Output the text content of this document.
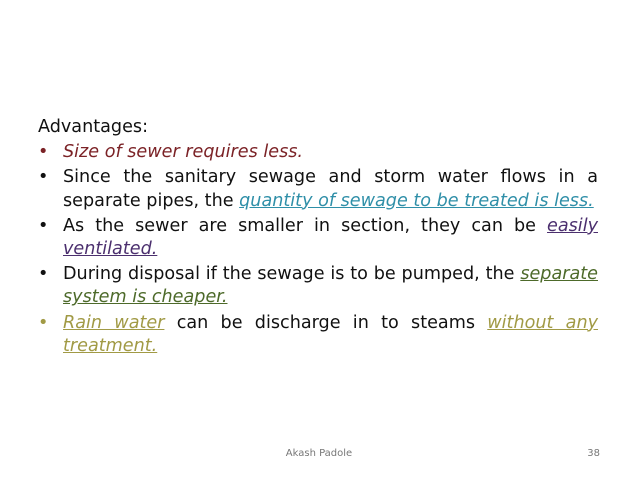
Advantages:
• Size of sewer requires less.
• Since the sanitary sewage and storm water flows in a separate pipes, the quantity of sewage to be treated is less.
• As the sewer are smaller in section, they can be easily ventilated.
• During disposal if the sewage is to be pumped, the separate system is cheaper.
• Rain water can be discharge in to steams without any treatment.
Akash Padole	38
